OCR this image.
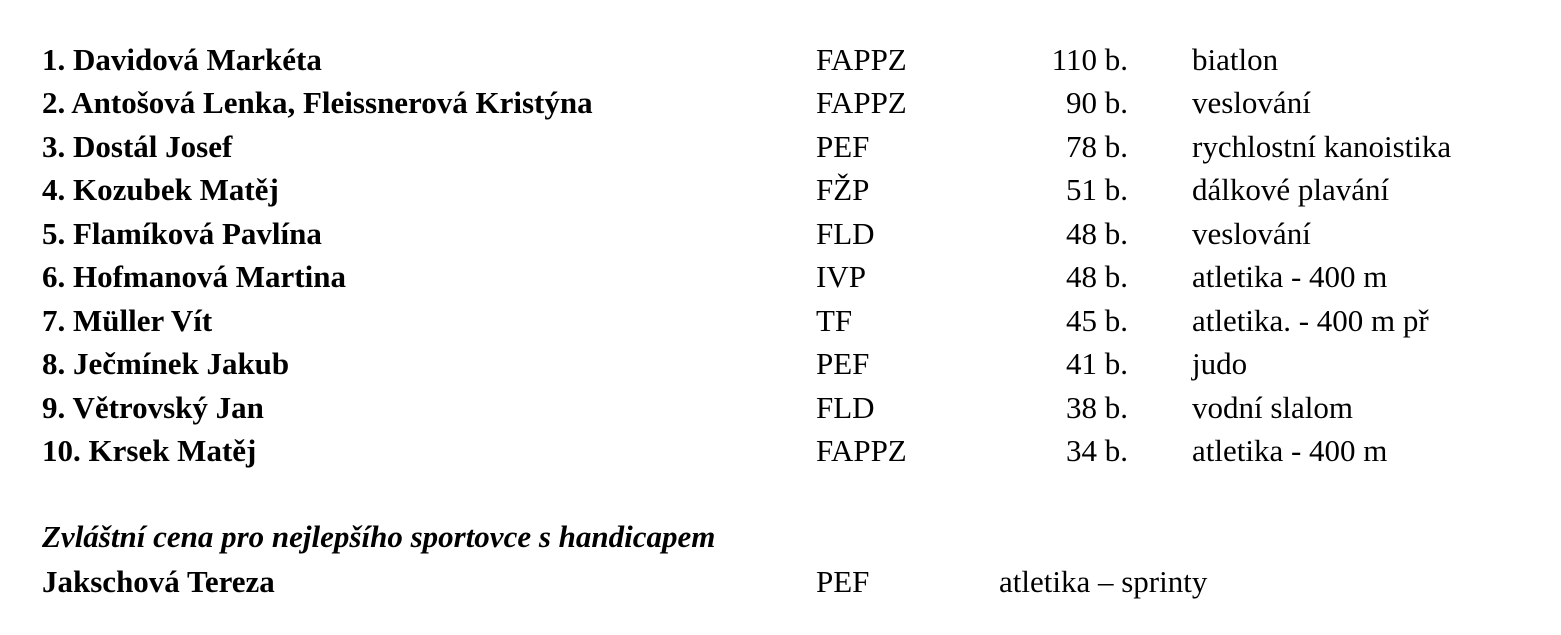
1. Davidová Markéta	FAPPZ	110 b. biatlon
2. Antošová Lenka, Fleissnerová Kristýna	FAPPZ	90 b. veslování
3. Dostál Josef	PEF	78 b. rychlostní kanoistika
4. Kozubek Matěj	FŽP	51 b. dálkové plavání
5. Flamíková Pavlína	FLD	48 b. veslování
6. Hofmanová Martina	IVP	48 b. atletika - 400 m
7. Müller Vít	TF	45 b. atletika. - 400 m př
8. Ječmínek Jakub	PEF	41 b. judo
9. Větrovský Jan	FLD	38 b. vodní slalom
10. Krsek Matěj	FAPPZ	34 b. atletika - 400 m
Zvláštní cena pro nejlepšího sportovce s handicapem
Jakschová Tereza	PEF	atletika – sprinty
